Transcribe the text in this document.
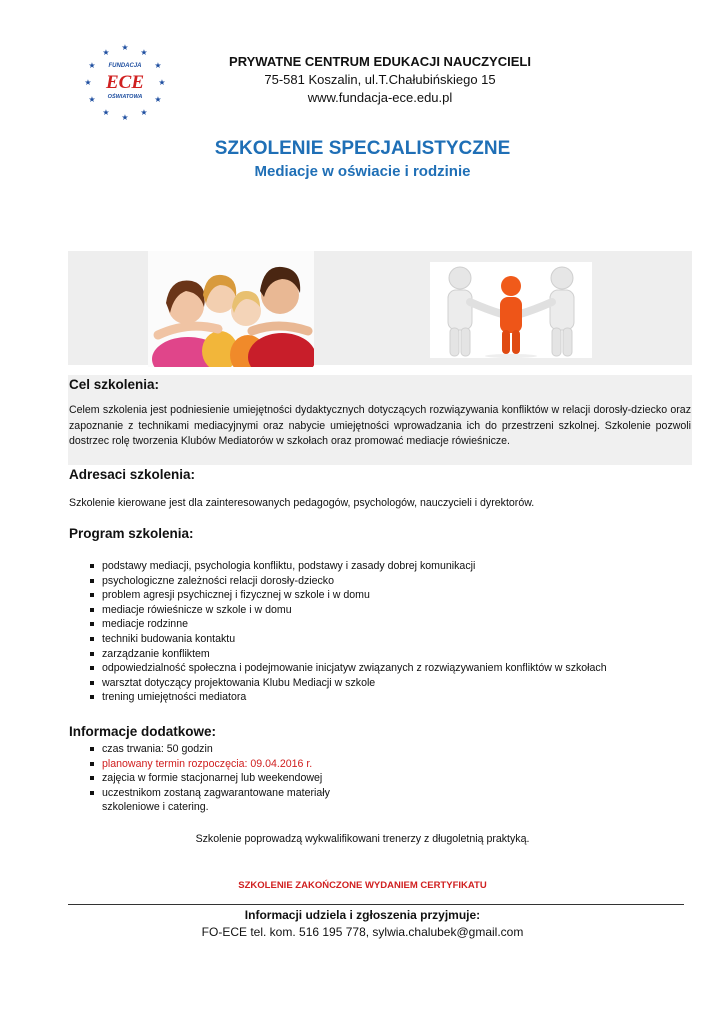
★
★
★
★
★
★
★
★
★
★
★
★
FUNDACJA
ECE
OŚWIATOWA
PRYWATNE CENTRUM EDUKACJI NAUCZYCIELI
75-581 Koszalin, ul.T.Chałubińskiego 15
www.fundacja-ece.edu.pl
SZKOLENIE SPECJALISTYCZNE
Mediacje w oświacie i rodzinie
Cel szkolenia:
Celem szkolenia jest podniesienie umiejętności dydaktycznych dotyczących rozwiązywania konfliktów w relacji dorosły-dziecko oraz zapoznanie z technikami mediacyjnymi oraz nabycie umiejętności wprowadzania ich do przestrzeni szkolnej. Szkolenie pozwoli dostrzec rolę tworzenia Klubów Mediatorów w szkołach oraz promować mediacje rówieśnicze.
Adresaci szkolenia:
Szkolenie kierowane jest dla zainteresowanych pedagogów, psychologów, nauczycieli i dyrektorów.
Program szkolenia:
podstawy mediacji, psychologia konfliktu, podstawy i zasady dobrej komunikacji
psychologiczne zależności relacji dorosły-dziecko
problem agresji psychicznej i fizycznej w szkole i w domu
mediacje rówieśnicze w szkole i w domu
mediacje rodzinne
techniki budowania kontaktu
zarządzanie konfliktem
odpowiedzialność społeczna i podejmowanie inicjatyw związanych z rozwiązywaniem konfliktów w szkołach
warsztat dotyczący projektowania Klubu Mediacji w szkole
trening umiejętności mediatora
Informacje dodatkowe:
czas trwania: 50 godzin
planowany termin rozpoczęcia: 09.04.2016 r.
zajęcia w formie stacjonarnej lub weekendowej
uczestnikom zostaną zagwarantowane materiały szkoleniowe i catering.
Szkolenie poprowadzą wykwalifikowani trenerzy z długoletnią praktyką.
SZKOLENIE ZAKOŃCZONE WYDANIEM CERTYFIKATU
Informacji udziela i zgłoszenia przyjmuje:
FO-ECE tel. kom. 516 195 778, sylwia.chalubek@gmail.com
